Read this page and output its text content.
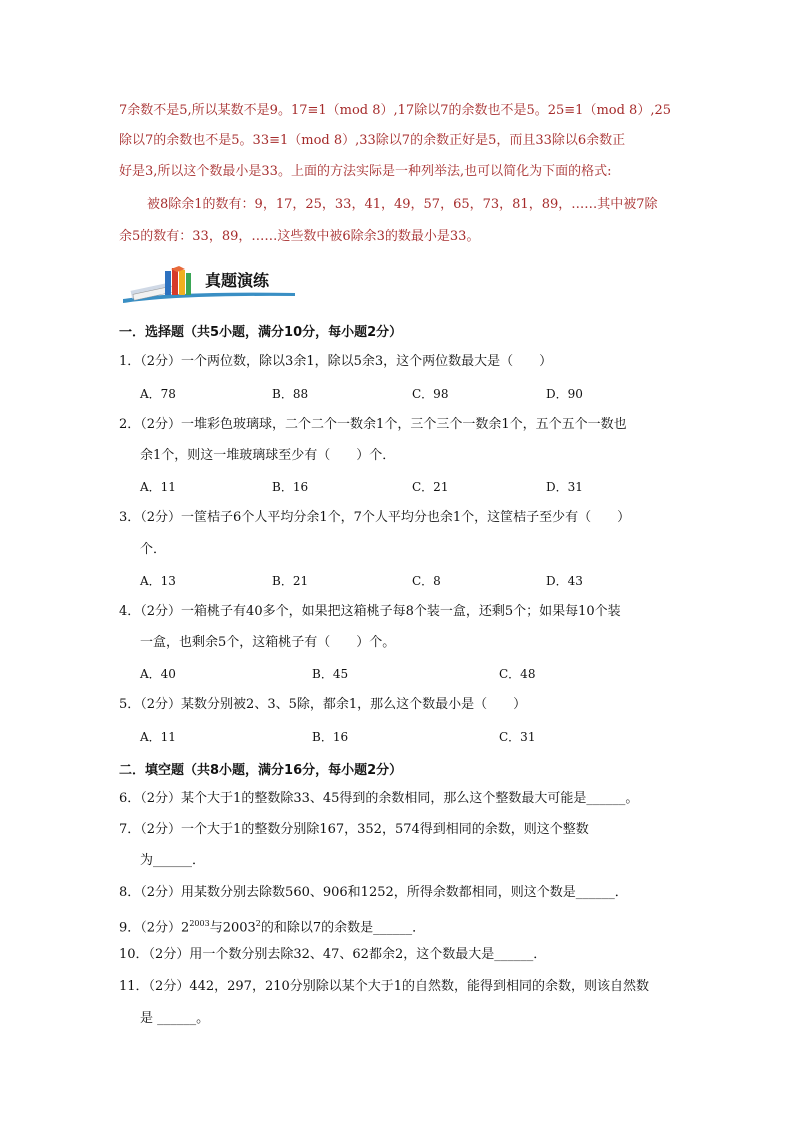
7余数不是5,所以某数不是9。17≡1（mod 8）,17除以7的余数也不是5。25≡1（mod 8）,25
除以7的余数也不是5。33≡1（mod 8）,33除以7的余数正好是5，而且33除以6余数正
好是3,所以这个数最小是33。上面的方法实际是一种列举法,也可以简化为下面的格式:
被8除余1的数有：9，17，25，33，41，49，57，65，73，81，89，……其中被7除
余5的数有：33，89，……这些数中被6除余3的数最小是33。
真题演练
一．选择题（共5小题，满分10分，每小题2分）
1．（2分）一个两位数，除以3余1，除以5余3，这个两位数最大是（　　）
A．78	B．88	C．98	D．90
2．（2分）一堆彩色玻璃球，二个二个一数余1个，三个三个一数余1个，五个五个一数也
余1个，则这一堆玻璃球至少有（　　）个．
A．11	B．16	C．21	D．31
3．（2分）一筐桔子6个人平均分余1个，7个人平均分也余1个，这筐桔子至少有（　　）
个．
A．13	B．21	C．8	D．43
4．（2分）一箱桃子有40多个，如果把这箱桃子每8个装一盒，还剩5个；如果每10个装
一盒，也剩余5个，这箱桃子有（　　）个。
A．40	B．45	C．48
5．（2分）某数分别被2、3、5除，都余1，那么这个数最小是（　　）
A．11	B．16	C．31
二．填空题（共8小题，满分16分，每小题2分）
6．（2分）某个大于1的整数除33、45得到的余数相同，那么这个整数最大可能是______。
7．（2分）一个大于1的整数分别除167，352，574得到相同的余数，则这个整数
为______．
8．（2分）用某数分别去除数560、906和1252，所得余数都相同，则这个数是______．
9．（2分）$2^{2003}$与2003$^2$的和除以7的余数是______．
10．（2分）用一个数分别去除32、47、62都余2，这个数最大是______．
11．（2分）442，297，210分别除以某个大于1的自然数，能得到相同的余数，则该自然数
是 ______。
